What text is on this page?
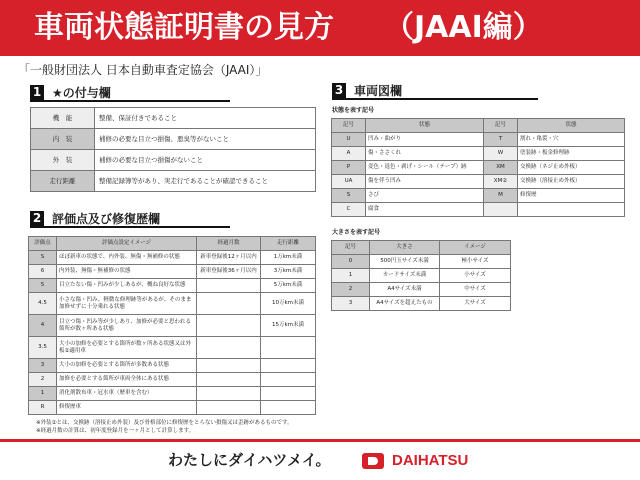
車両状態証明書の見方 （JAAI編）
「一般財団法人 日本自動車査定協会（JAAI）」
1 ★の付与欄
機　能	整備、保証付きであること
内　装	補修の必要な目立つ損傷、悪臭等がないこと
外　装	補修の必要な目立つ損傷がないこと
走行距離	整備記録簿等があり、実走行であることが確認できること
2 評価点及び修復歴欄
評価点	評価点設定イメージ	経過月数	走行距離
S	ほぼ新車の状態で、内外装、無傷・無補修の状態	新車登録後12ヶ月以内	1万km未満
6	内外装、無傷・無補修の状態	新車登録後36ヶ月以内	3万km未満
5	目立たない傷・凹みが少しあるが、概ね良好な状態		5万km未満
4.5	小さな傷・凹み、軽微な修理跡等があるが、そのまま加修せずに十分乗れる状態		10万km未満
4	目立つ傷・凹み等が少しあり、加修が必要と思われる箇所が数ヶ所ある状態		15万km未満
3.5	大小の加修を必要とする箇所が数ヶ所ある状態又は外板②適用車		
3	大小の加修を必要とする箇所が多数ある状態		
2	加修を必要とする箇所が車両全体にある状態		
1	消化剤散布車・冠水車（歴車を含む）		
R	修復歴車		
※外装②とは、交換跡（溶接止め外装）及び骨格部位に修復歴をとらない損傷又は歪跡があるものです。
※経過月数の計算は、初年度登録月を一ヶ月として計算します。
3 車両図欄
状態を表す記号
記号	状態	記号	状態
U	凹み・曲がり	T	割れ・亀裂・穴
A	傷・ささくれ	W	塗装跡・板金修理跡
P	変色・退色・剥げ・シール（テープ）跡	XM	交換跡（ネジ止め外板）
UA	傷を伴う凹み	XM②	交換跡（溶接止め外板）
S	さび	M	修復歴
C	腐食		
大きさを表す記号
記号	大きさ	イメージ
0	500円玉サイズ未満	極小サイズ
1	カードサイズ未満	小サイズ
2	A4サイズ未満	中サイズ
3	A4サイズを超えたもの	大サイズ
わたしにダイハツメイ。	DAIHATSU
